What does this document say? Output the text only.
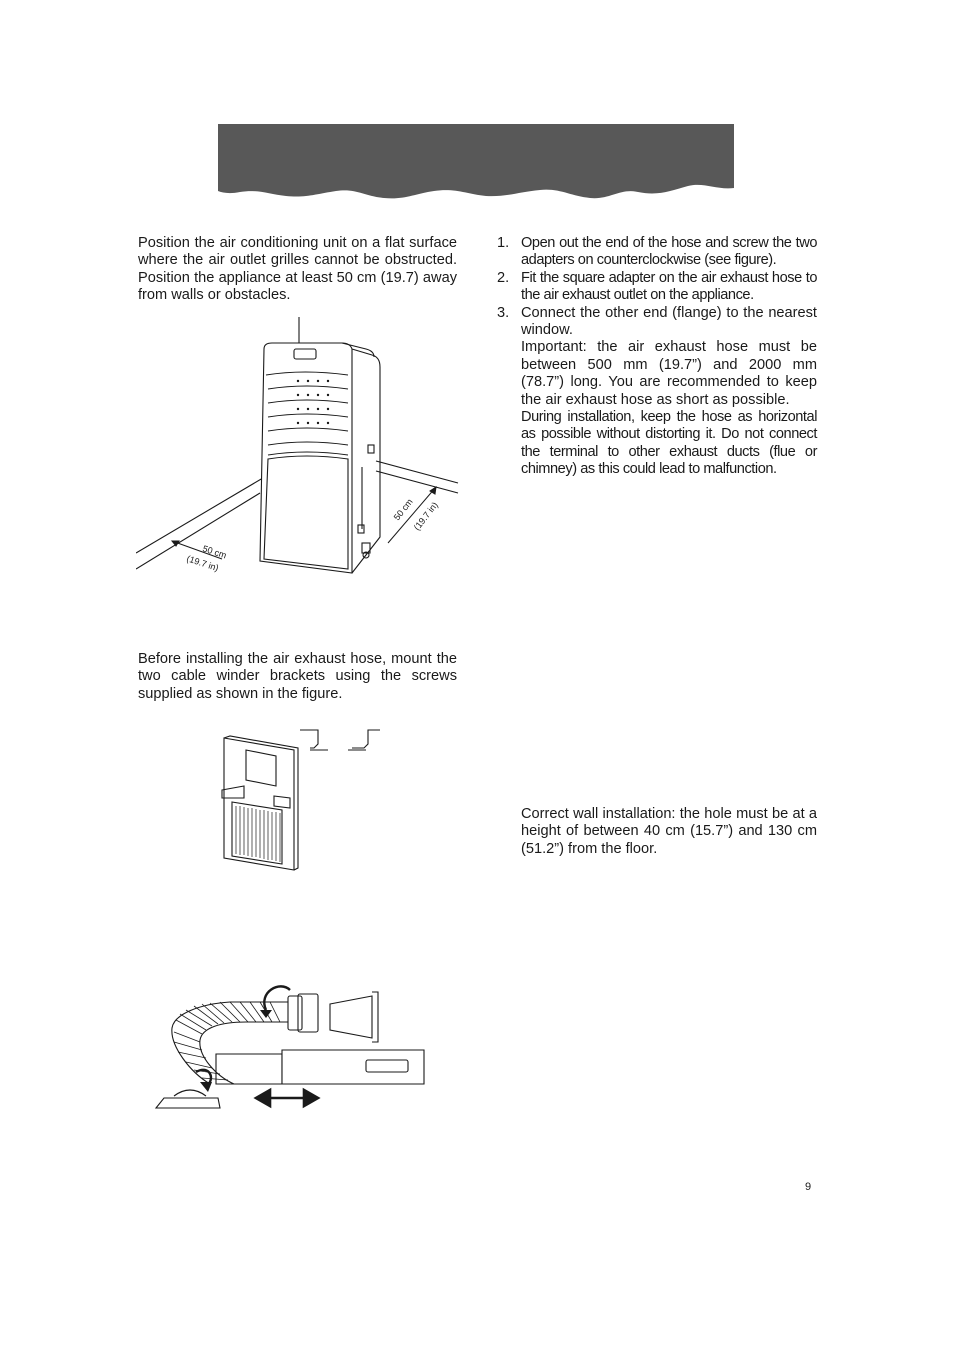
Position the air conditioning unit on a flat surface where the air outlet grilles cannot be obstructed. Position the appliance at least 50 cm (19.7) away from walls or obstacles.

50 cm
(19.7 in)
50 cm
(19.7 in)

Before installing the air exhaust hose, mount the two cable winder brackets using the screws supplied as shown in the figure.

1. Open out the end of the hose and screw the two adapters on counterclockwise (see figure).
2. Fit the square adapter on the air exhaust hose to the air exhaust outlet on the appliance.
3. Connect the other end (flange) to the nearest window.
Important: the air exhaust hose must be between 500 mm (19.7”) and 2000 mm (78.7”) long. You are recommended to keep the air exhaust hose as short as possible.
During installation, keep the hose as horizontal as possible without distorting it. Do not connect the terminal to other exhaust ducts (flue or chimney) as this could lead to malfunction.

Correct wall installation: the hole must be at a height of between 40 cm (15.7”) and 130 cm (51.2”) from the floor.

9
